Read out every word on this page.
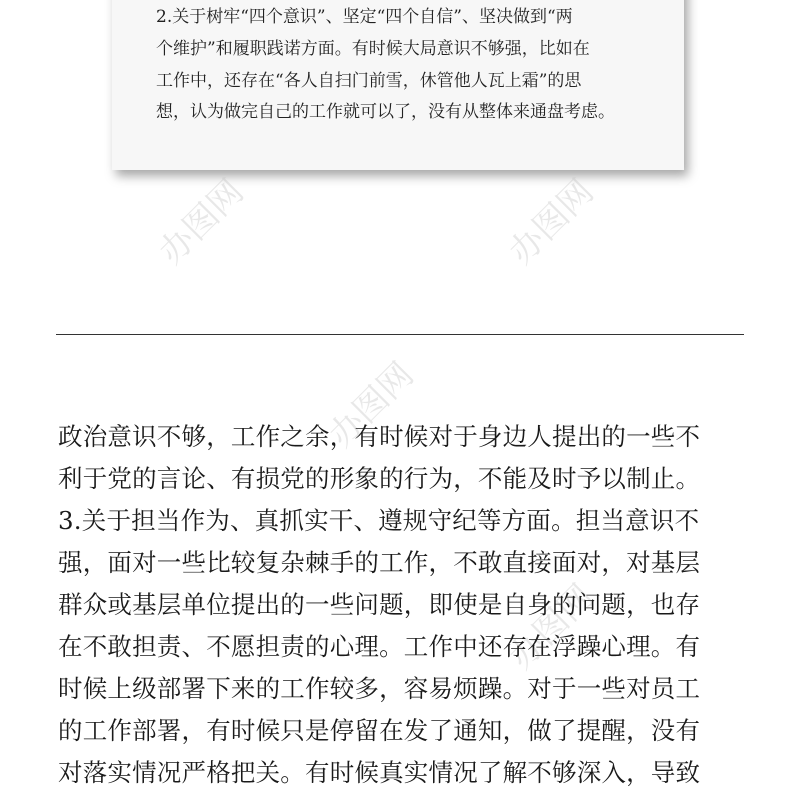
2.关于树牢“四个意识”、坚定“四个自信”、坚决做到“两
个维护”和履职践诺方面。有时候大局意识不够强，比如在
工作中，还存在“各人自扫门前雪，休管他人瓦上霜”的思
想，认为做完自己的工作就可以了，没有从整体来通盘考虑。
办图网	办图网
办图网
办图网
政治意识不够，工作之余，有时候对于身边人提出的一些不
利于党的言论、有损党的形象的行为，不能及时予以制止。
3.关于担当作为、真抓实干、遵规守纪等方面。担当意识不
强，面对一些比较复杂棘手的工作，不敢直接面对，对基层
群众或基层单位提出的一些问题，即使是自身的问题，也存
在不敢担责、不愿担责的心理。工作中还存在浮躁心理。有
时候上级部署下来的工作较多，容易烦躁。对于一些对员工
的工作部署，有时候只是停留在发了通知，做了提醒，没有
对落实情况严格把关。有时候真实情况了解不够深入，导致
